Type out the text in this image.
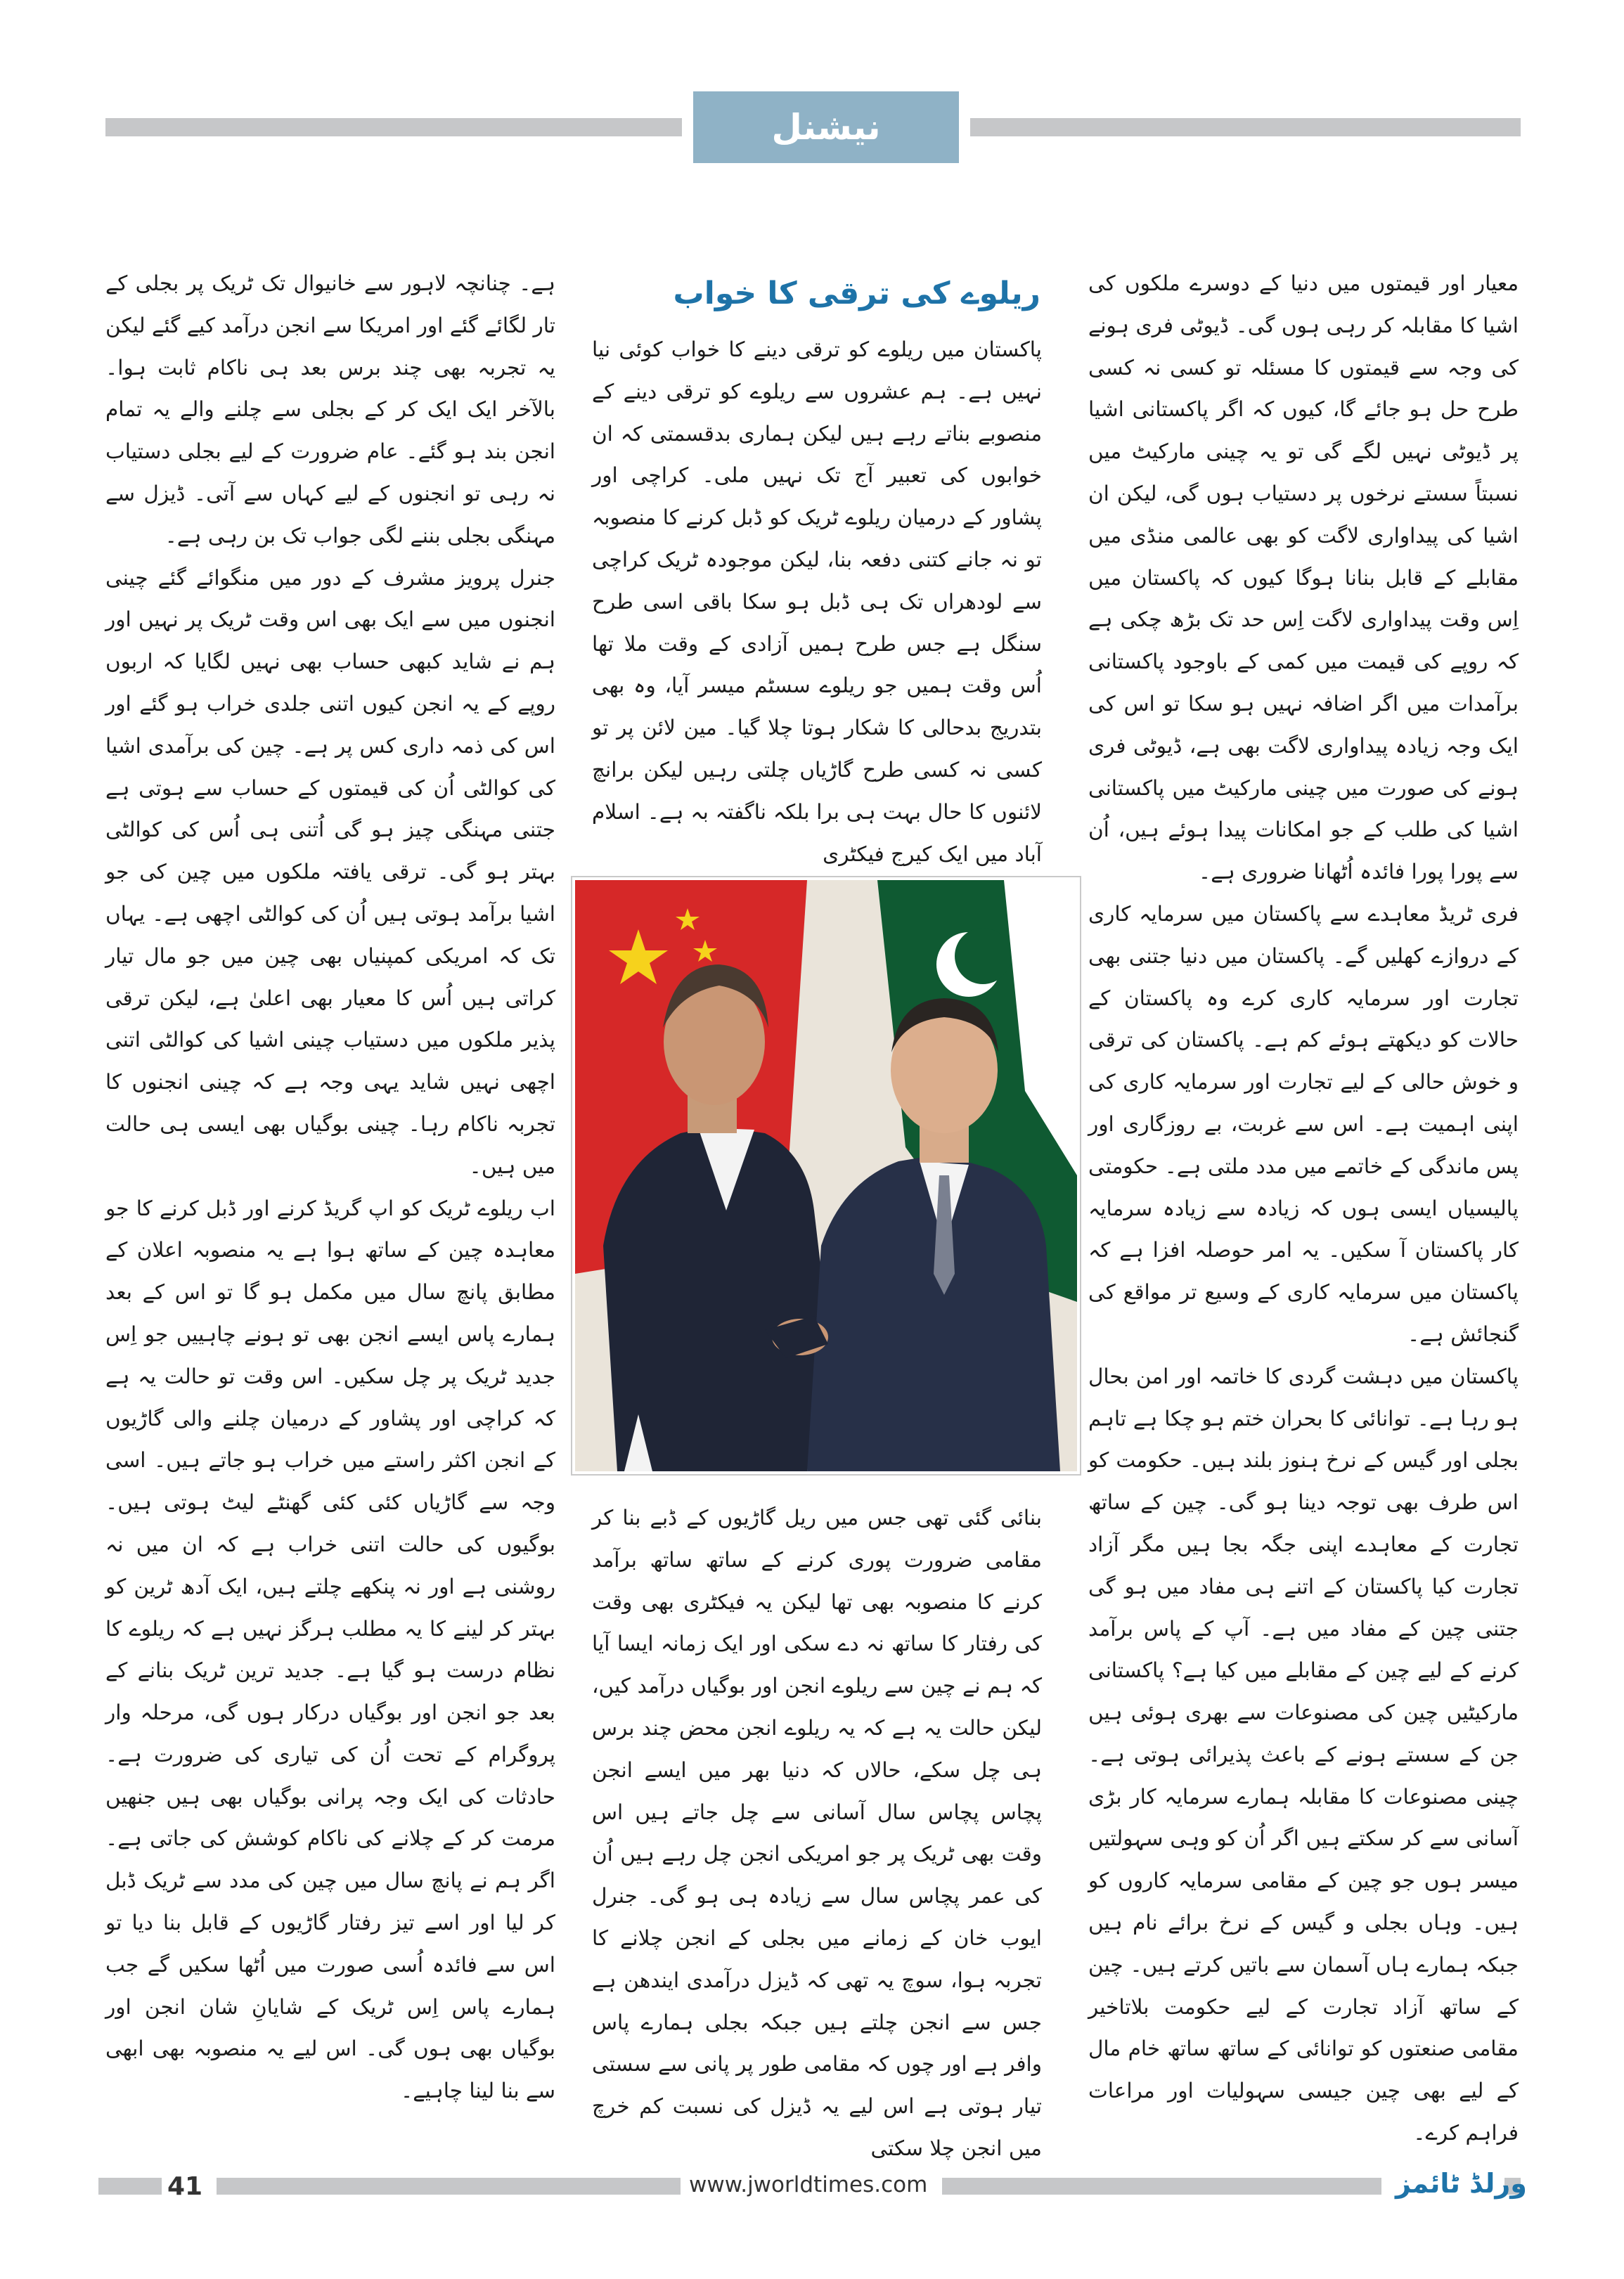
نیشنل

معیار اور قیمتوں میں دنیا کے دوسرے ملکوں کی اشیا کا مقابلہ کر رہی ہوں گی۔ ڈیوٹی فری ہونے کی وجہ سے قیمتوں کا مسئلہ تو کسی نہ کسی طرح حل ہو جائے گا، کیوں کہ اگر پاکستانی اشیا پر ڈیوٹی نہیں لگے گی تو یہ چینی مارکیٹ میں نسبتاً سستے نرخوں پر دستیاب ہوں گی، لیکن ان اشیا کی پیداواری لاگت کو بھی عالمی منڈی میں مقابلے کے قابل بنانا ہوگا کیوں کہ پاکستان میں اِس وقت پیداواری لاگت اِس حد تک بڑھ چکی ہے کہ روپے کی قیمت میں کمی کے باوجود پاکستانی برآمدات میں اگر اضافہ نہیں ہو سکا تو اس کی ایک وجہ زیادہ پیداواری لاگت بھی ہے، ڈیوٹی فری ہونے کی صورت میں چینی مارکیٹ میں پاکستانی اشیا کی طلب کے جو امکانات پیدا ہوئے ہیں، اُن سے پورا پورا فائدہ اُٹھانا ضروری ہے۔

فری ٹریڈ معاہدے سے پاکستان میں سرمایہ کاری کے دروازے کھلیں گے۔ پاکستان میں دنیا جتنی بھی تجارت اور سرمایہ کاری کرے وہ پاکستان کے حالات کو دیکھتے ہوئے کم ہے۔ پاکستان کی ترقی و خوش حالی کے لیے تجارت اور سرمایہ کاری کی اپنی اہمیت ہے۔ اس سے غربت، بے روزگاری اور پس ماندگی کے خاتمے میں مدد ملتی ہے۔ حکومتی پالیسیاں ایسی ہوں کہ زیادہ سے زیادہ سرمایہ کار پاکستان آ سکیں۔ یہ امر حوصلہ افزا ہے کہ پاکستان میں سرمایہ کاری کے وسیع تر مواقع کی گنجائش ہے۔

پاکستان میں دہشت گردی کا خاتمہ اور امن بحال ہو رہا ہے۔ توانائی کا بحران ختم ہو چکا ہے تاہم بجلی اور گیس کے نرخ ہنوز بلند ہیں۔ حکومت کو اس طرف بھی توجہ دینا ہو گی۔ چین کے ساتھ تجارت کے معاہدے اپنی جگہ بجا ہیں مگر آزاد تجارت کیا پاکستان کے اتنے ہی مفاد میں ہو گی جتنی چین کے مفاد میں ہے۔ آپ کے پاس برآمد کرنے کے لیے چین کے مقابلے میں کیا ہے؟ پاکستانی مارکیٹیں چین کی مصنوعات سے بھری ہوئی ہیں جن کے سستے ہونے کے باعث پذیرائی ہوتی ہے۔ چینی مصنوعات کا مقابلہ ہمارے سرمایہ کار بڑی آسانی سے کر سکتے ہیں اگر اُن کو وہی سہولتیں میسر ہوں جو چین کے مقامی سرمایہ کاروں کو ہیں۔ وہاں بجلی و گیس کے نرخ برائے نام ہیں جبکہ ہمارے ہاں آسمان سے باتیں کرتے ہیں۔ چین کے ساتھ آزاد تجارت کے لیے حکومت بلاتاخیر مقامی صنعتوں کو توانائی کے ساتھ ساتھ خام مال کے لیے بھی چین جیسی سہولیات اور مراعات فراہم کرے۔

ریلوے کی ترقی کا خواب

پاکستان میں ریلوے کو ترقی دینے کا خواب کوئی نیا نہیں ہے۔ ہم عشروں سے ریلوے کو ترقی دینے کے منصوبے بناتے رہے ہیں لیکن ہماری بدقسمتی کہ ان خوابوں کی تعبیر آج تک نہیں ملی۔ کراچی اور پشاور کے درمیان ریلوے ٹریک کو ڈبل کرنے کا منصوبہ تو نہ جانے کتنی دفعہ بنا، لیکن موجودہ ٹریک کراچی سے لودھراں تک ہی ڈبل ہو سکا باقی اسی طرح سنگل ہے جس طرح ہمیں آزادی کے وقت ملا تھا اُس وقت ہمیں جو ریلوے سسٹم میسر آیا، وہ بھی بتدریج بدحالی کا شکار ہوتا چلا گیا۔ مین لائن پر تو کسی نہ کسی طرح گاڑیاں چلتی رہیں لیکن برانچ لائنوں کا حال بہت ہی برا بلکہ ناگفتہ بہ ہے۔ اسلام آباد میں ایک کیرج فیکٹری

بنائی گئی تھی جس میں ریل گاڑیوں کے ڈبے بنا کر مقامی ضرورت پوری کرنے کے ساتھ ساتھ برآمد کرنے کا منصوبہ بھی تھا لیکن یہ فیکٹری بھی وقت کی رفتار کا ساتھ نہ دے سکی اور ایک زمانہ ایسا آیا کہ ہم نے چین سے ریلوے انجن اور بوگیاں درآمد کیں، لیکن حالت یہ ہے کہ یہ ریلوے انجن محض چند برس ہی چل سکے، حالاں کہ دنیا بھر میں ایسے انجن پچاس پچاس سال آسانی سے چل جاتے ہیں اس وقت بھی ٹریک پر جو امریکی انجن چل رہے ہیں اُن کی عمر پچاس سال سے زیادہ ہی ہو گی۔ جنرل ایوب خان کے زمانے میں بجلی کے انجن چلانے کا تجربہ ہوا، سوچ یہ تھی کہ ڈیزل درآمدی ایندھن ہے جس سے انجن چلتے ہیں جبکہ بجلی ہمارے پاس وافر ہے اور چوں کہ مقامی طور پر پانی سے سستی تیار ہوتی ہے اس لیے یہ ڈیزل کی نسبت کم خرچ میں انجن چلا سکتی

ہے۔ چنانچہ لاہور سے خانیوال تک ٹریک پر بجلی کے تار لگائے گئے اور امریکا سے انجن درآمد کیے گئے لیکن یہ تجربہ بھی چند برس بعد ہی ناکام ثابت ہوا۔ بالآخر ایک ایک کر کے بجلی سے چلنے والے یہ تمام انجن بند ہو گئے۔ عام ضرورت کے لیے بجلی دستیاب نہ رہی تو انجنوں کے لیے کہاں سے آتی۔ ڈیزل سے مہنگی بجلی بننے لگی جواب تک بن رہی ہے۔

جنرل پرویز مشرف کے دور میں منگوائے گئے چینی انجنوں میں سے ایک بھی اس وقت ٹریک پر نہیں اور ہم نے شاید کبھی حساب بھی نہیں لگایا کہ اربوں روپے کے یہ انجن کیوں اتنی جلدی خراب ہو گئے اور اس کی ذمہ داری کس پر ہے۔ چین کی برآمدی اشیا کی کوالٹی اُن کی قیمتوں کے حساب سے ہوتی ہے جتنی مہنگی چیز ہو گی اُتنی ہی اُس کی کوالٹی بہتر ہو گی۔ ترقی یافتہ ملکوں میں چین کی جو اشیا برآمد ہوتی ہیں اُن کی کوالٹی اچھی ہے۔ یہاں تک کہ امریکی کمپنیاں بھی چین میں جو مال تیار کراتی ہیں اُس کا معیار بھی اعلیٰ ہے، لیکن ترقی پذیر ملکوں میں دستیاب چینی اشیا کی کوالٹی اتنی اچھی نہیں شاید یہی وجہ ہے کہ چینی انجنوں کا تجربہ ناکام رہا۔ چینی بوگیاں بھی ایسی ہی حالت میں ہیں۔

اب ریلوے ٹریک کو اپ گریڈ کرنے اور ڈبل کرنے کا جو معاہدہ چین کے ساتھ ہوا ہے یہ منصوبہ اعلان کے مطابق پانچ سال میں مکمل ہو گا تو اس کے بعد ہمارے پاس ایسے انجن بھی تو ہونے چاہییں جو اِس جدید ٹریک پر چل سکیں۔ اس وقت تو حالت یہ ہے کہ کراچی اور پشاور کے درمیان چلنے والی گاڑیوں کے انجن اکثر راستے میں خراب ہو جاتے ہیں۔ اسی وجہ سے گاڑیاں کئی کئی گھنٹے لیٹ ہوتی ہیں۔ بوگیوں کی حالت اتنی خراب ہے کہ ان میں نہ روشنی ہے اور نہ پنکھے چلتے ہیں، ایک آدھ ٹرین کو بہتر کر لینے کا یہ مطلب ہرگز نہیں ہے کہ ریلوے کا نظام درست ہو گیا ہے۔ جدید ترین ٹریک بنانے کے بعد جو انجن اور بوگیاں درکار ہوں گی، مرحلہ وار پروگرام کے تحت اُن کی تیاری کی ضرورت ہے۔ حادثات کی ایک وجہ پرانی بوگیاں بھی ہیں جنھیں مرمت کر کے چلانے کی ناکام کوشش کی جاتی ہے۔ اگر ہم نے پانچ سال میں چین کی مدد سے ٹریک ڈبل کر لیا اور اسے تیز رفتار گاڑیوں کے قابل بنا دیا تو اس سے فائدہ اُسی صورت میں اُٹھا سکیں گے جب ہمارے پاس اِس ٹریک کے شایانِ شان انجن اور بوگیاں بھی ہوں گی۔ اس لیے یہ منصوبہ بھی ابھی سے بنا لینا چاہیے۔

41	www.jworldtimes.com	ورلڈ ٹائمز
